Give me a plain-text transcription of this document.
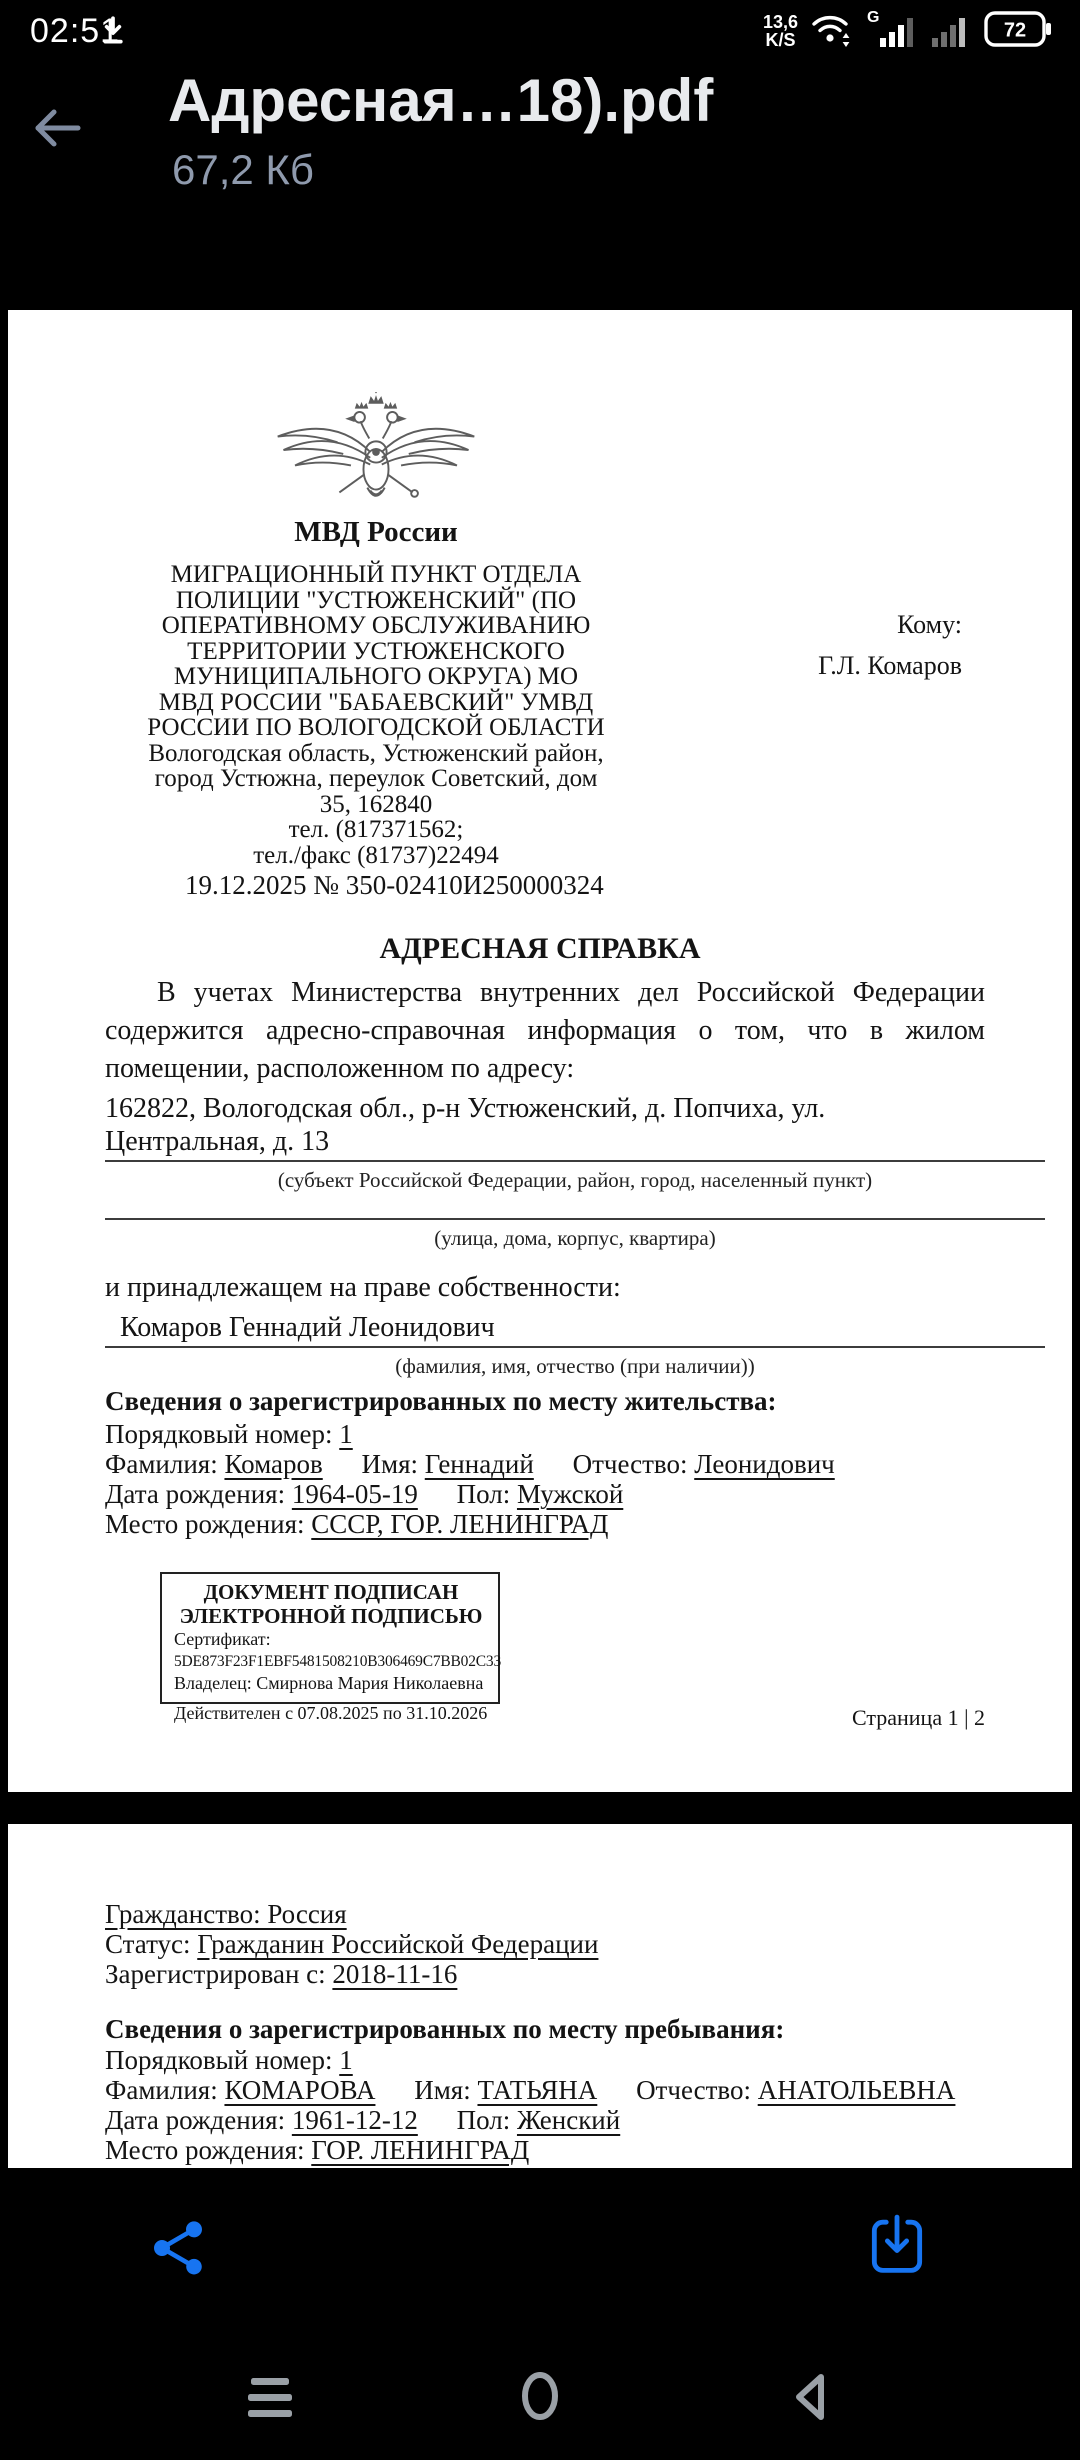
02:51	13,6
K/S
G
72
Адресная…18).pdf
67,2 Кб
МВД России
МИГРАЦИОННЫЙ ПУНКТ ОТДЕЛА ПОЛИЦИИ "УСТЮЖЕНСКИЙ" (ПО ОПЕРАТИВНОМУ ОБСЛУЖИВАНИЮ ТЕРРИТОРИИ УСТЮЖЕНСКОГО МУНИЦИПАЛЬНОГО ОКРУГА) МО МВД РОССИИ "БАБАЕВСКИЙ" УМВД РОССИИ ПО ВОЛОГОДСКОЙ ОБЛАСТИ
Вологодская область, Устюженский район, город Устюжна, переулок Советский, дом 35, 162840
тел. (817371562;
тел./факс (81737)22494
Кому:
Г.Л. Комаров
19.12.2025 № 350-02410И250000324
АДРЕСНАЯ СПРАВКА
В учетах Министерства внутренних дел Российской Федерации содержится адресно-справочная информация о том, что в жилом помещении, расположенном по адресу:
162822, Вологодская обл., р-н Устюженский, д. Попчиха, ул. Центральная, д. 13
(субъект Российской Федерации, район, город, населенный пункт)
(улица, дома, корпус, квартира)
и принадлежащем на праве собственности:
Комаров Геннадий Леонидович
(фамилия, имя, отчество (при наличии))
Сведения о зарегистрированных по месту жительства:
Порядковый номер: 1
Фамилия: Комаров Имя: Геннадий Отчество: Леонидович
Дата рождения: 1964-05-19 Пол: Мужской
Место рождения: СССР, ГОР. ЛЕНИНГРАД
ДОКУМЕНТ ПОДПИСАН
ЭЛЕКТРОННОЙ ПОДПИСЬЮ
Сертификат:
5DE873F23F1EBF5481508210B306469C7BB02C33
Владелец: Смирнова Мария Николаевна
Действителен с 07.08.2025 по 31.10.2026	Страница 1 | 2
Гражданство: Россия
Статус: Гражданин Российской Федерации
Зарегистрирован с: 2018-11-16
Сведения о зарегистрированных по месту пребывания:
Порядковый номер: 1
Фамилия: КОМАРОВА Имя: ТАТЬЯНА Отчество: АНАТОЛЬЕВНА
Дата рождения: 1961-12-12 Пол: Женский
Место рождения: ГОР. ЛЕНИНГРАД
